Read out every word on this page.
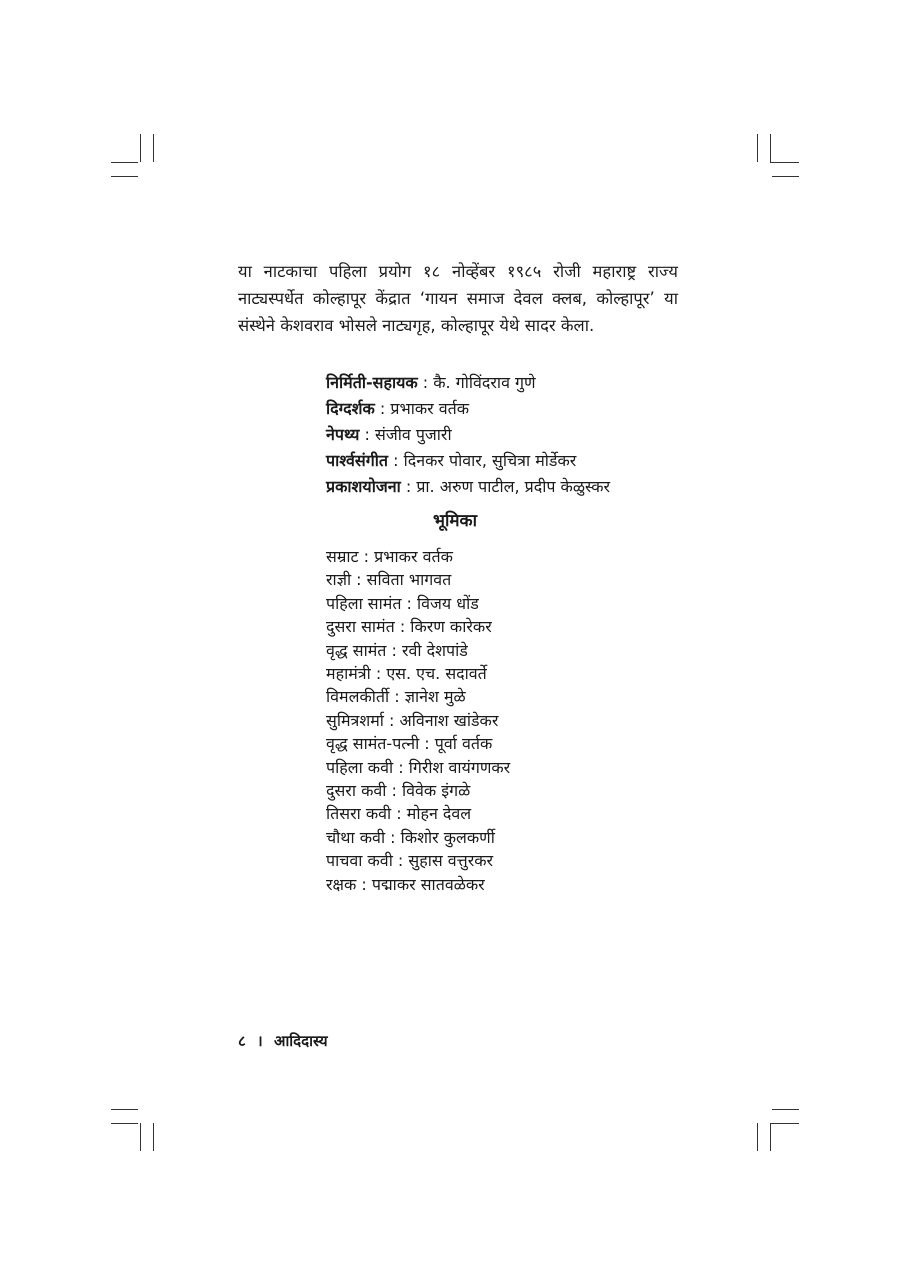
या नाटकाचा पहिला प्रयोग १८ नोव्हेंबर १९८५ रोजी महाराष्ट्र राज्य नाट्यस्पर्धेत कोल्हापूर केंद्रात ‘गायन समाज देवल क्लब, कोल्हापूर’ या संस्थेने केशवराव भोसले नाट्यगृह, कोल्हापूर येथे सादर केला.

निर्मिती-सहायक : कै. गोविंदराव गुणे
दिग्दर्शक : प्रभाकर वर्तक
नेपथ्य : संजीव पुजारी
पार्श्वसंगीत : दिनकर पोवार, सुचित्रा मोर्डेकर
प्रकाशयोजना : प्रा. अरुण पाटील, प्रदीप केळुस्कर
भूमिका
सम्राट : प्रभाकर वर्तक
राज्ञी : सविता भागवत
पहिला सामंत : विजय धोंड
दुसरा सामंत : किरण कारेकर
वृद्ध सामंत : रवी देशपांडे
महामंत्री : एस. एच. सदावर्ते
विमलकीर्ती : ज्ञानेश मुळे
सुमित्रशर्मा : अविनाश खांडेकर
वृद्ध सामंत-पत्नी : पूर्वा वर्तक
पहिला कवी : गिरीश वायंगणकर
दुसरा कवी : विवेक इंगळे
तिसरा कवी : मोहन देवल
चौथा कवी : किशोर कुलकर्णी
पाचवा कवी : सुहास वत्तुरकर
रक्षक : पद्माकर सातवळेकर
८ । आदिदास्य
